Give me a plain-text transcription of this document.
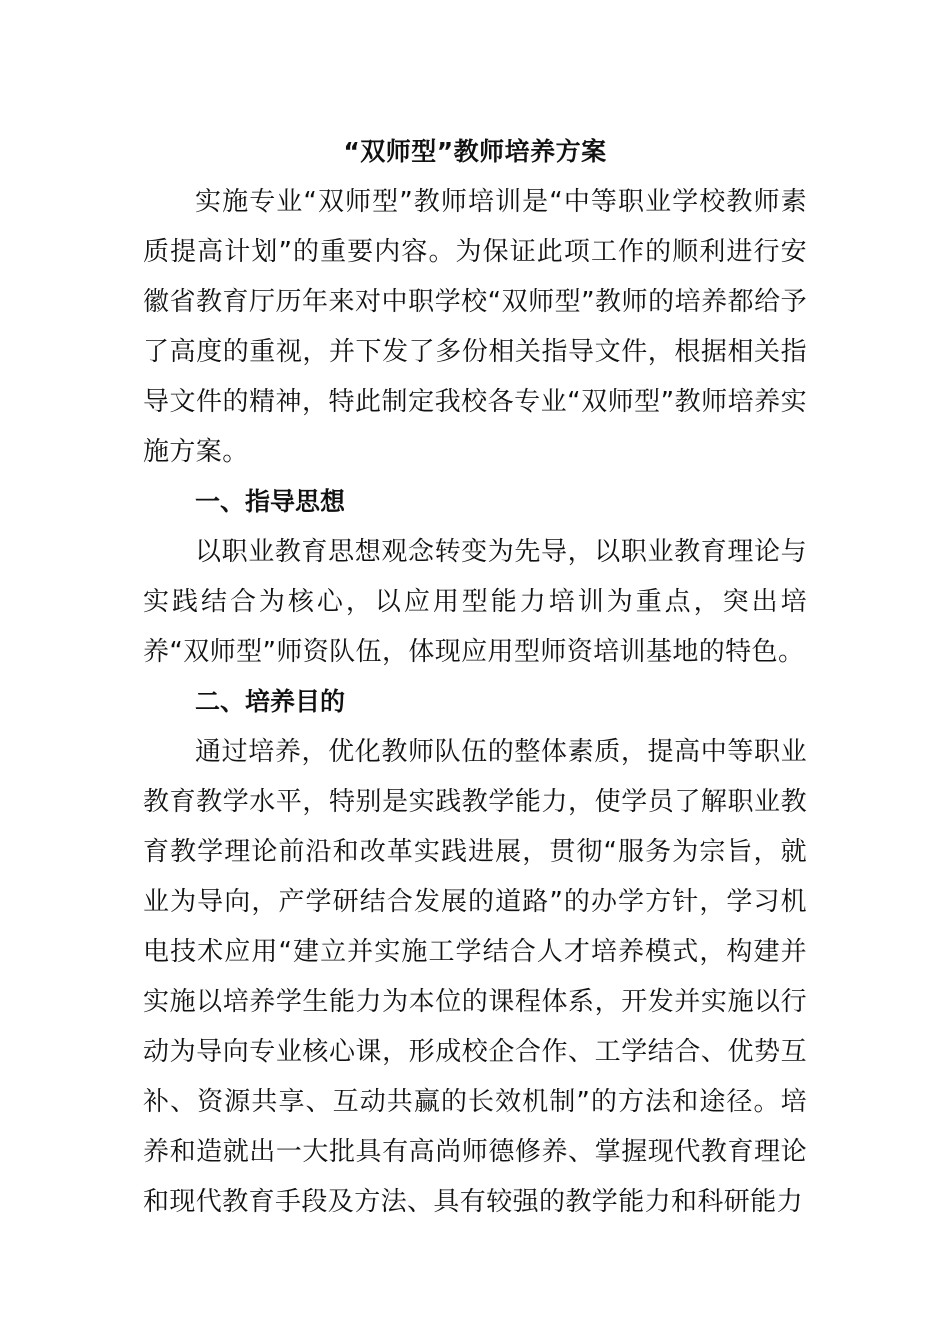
“双师型”教师培养方案

实施专业“双师型”教师培训是“中等职业学校教师素质提高计划”的重要内容。为保证此项工作的顺利进行安徽省教育厅历年来对中职学校“双师型”教师的培养都给予了高度的重视，并下发了多份相关指导文件，根据相关指导文件的精神，特此制定我校各专业“双师型”教师培养实施方案。

一、指导思想

以职业教育思想观念转变为先导，以职业教育理论与实践结合为核心，以应用型能力培训为重点，突出培养“双师型”师资队伍，体现应用型师资培训基地的特色。

二、培养目的

通过培养，优化教师队伍的整体素质，提高中等职业教育教学水平，特别是实践教学能力，使学员了解职业教育教学理论前沿和改革实践进展，贯彻“服务为宗旨，就业为导向，产学研结合发展的道路”的办学方针，学习机电技术应用“建立并实施工学结合人才培养模式，构建并实施以培养学生能力为本位的课程体系，开发并实施以行动为导向专业核心课，形成校企合作、工学结合、优势互补、资源共享、互动共赢的长效机制”的方法和途径。培养和造就出一大批具有高尚师德修养、掌握现代教育理论和现代教育手段及方法、具有较强的教学能力和科研能力
